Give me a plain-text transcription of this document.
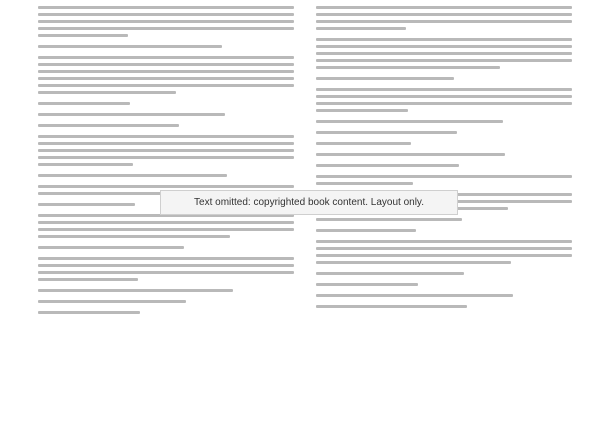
Text omitted: copyrighted book content. Layout only.
